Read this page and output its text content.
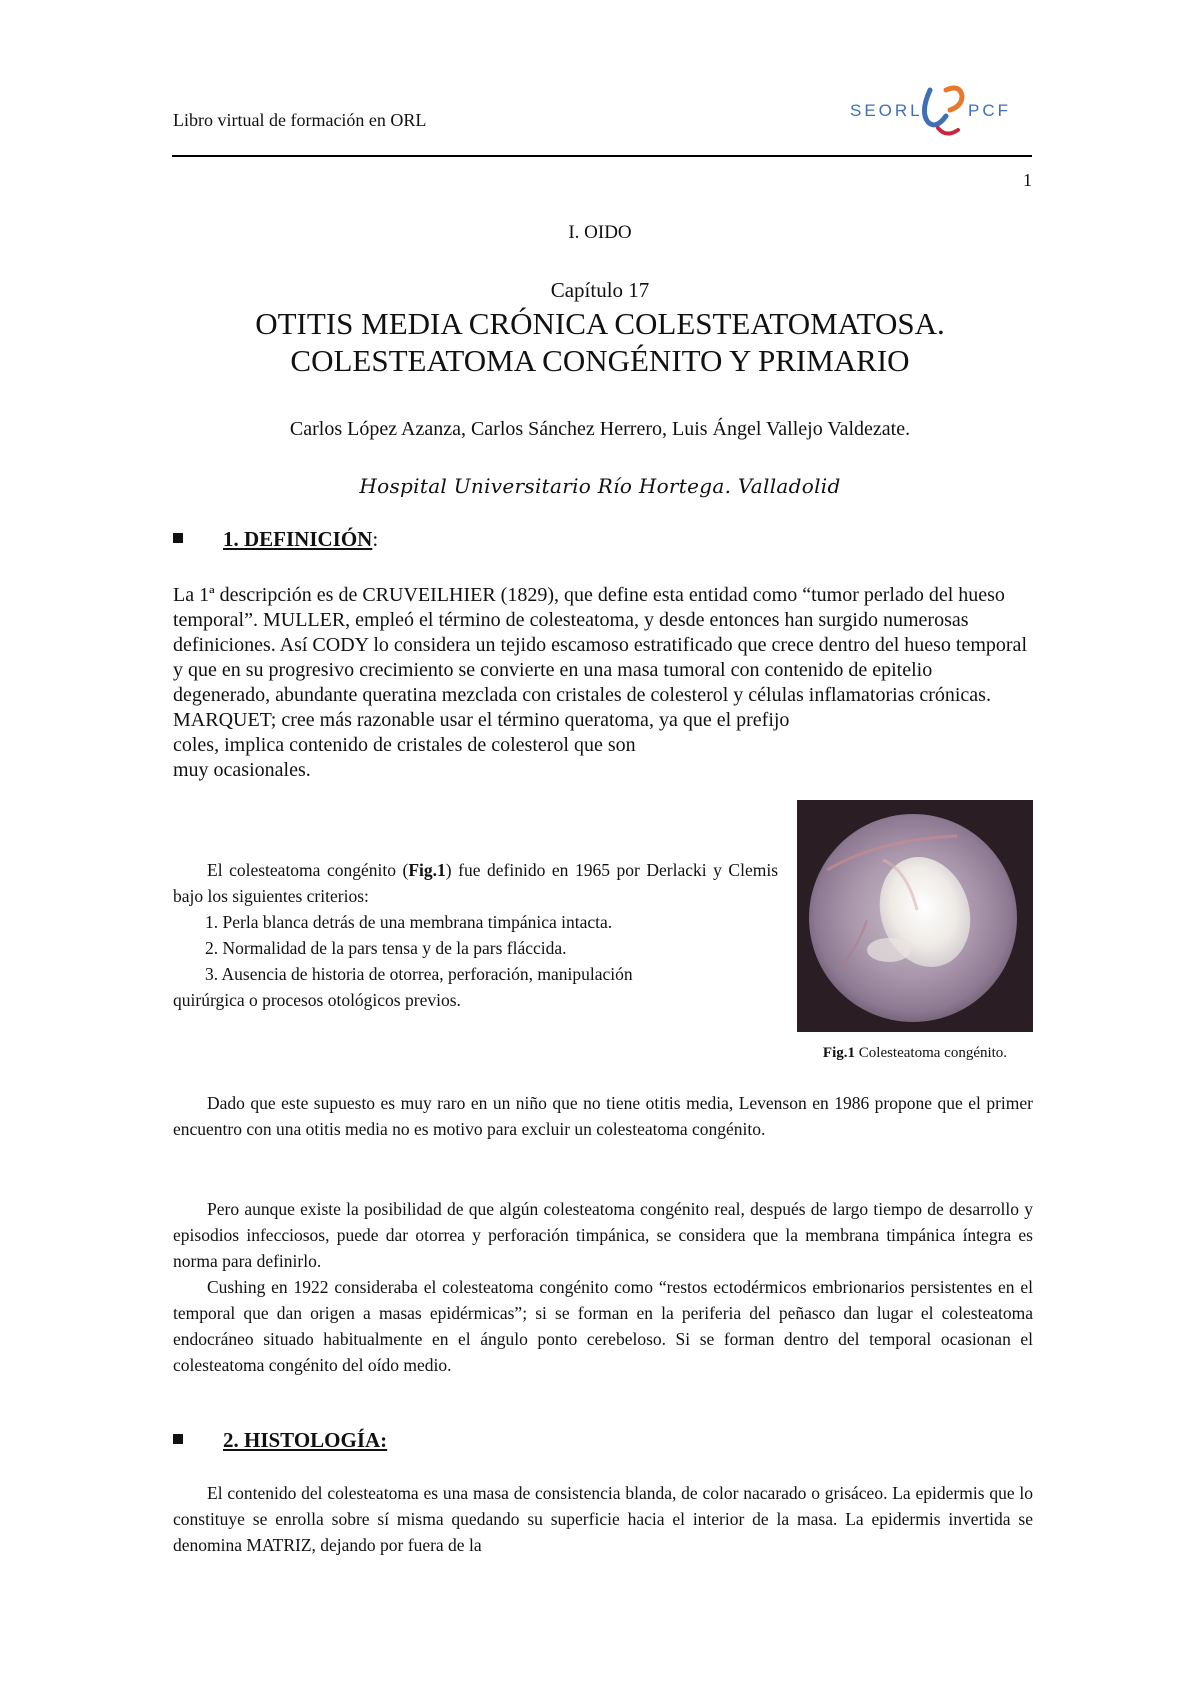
Libro virtual de formación en ORL	SEORL	PCF
1
I. OIDO
Capítulo 17
OTITIS MEDIA CRÓNICA COLESTEATOMATOSA.
COLESTEATOMA CONGÉNITO Y PRIMARIO
Carlos López Azanza, Carlos Sánchez Herrero, Luis Ángel Vallejo Valdezate.
Hospital Universitario Río Hortega. Valladolid
1. DEFINICIÓN:
La 1ª descripción es de CRUVEILHIER (1829), que define esta entidad como “tumor perlado del hueso temporal”. MULLER, empleó el término de colesteatoma, y desde entonces han surgido numerosas definiciones. Así CODY lo considera un tejido escamoso estratificado que crece dentro del hueso temporal y que en su progresivo crecimiento se convierte en una masa tumoral con contenido de epitelio degenerado, abundante queratina mezclada con cristales de colesterol y células inflamatorias crónicas. MARQUET; cree más razonable usar el término queratoma, ya que el prefijo
coles, implica contenido de cristales de colesterol que son
muy ocasionales.
El colesteatoma congénito (Fig.1) fue definido en 1965 por Derlacki y Clemis bajo los siguientes criterios:
1. Perla blanca detrás de una membrana timpánica intacta.
2. Normalidad de la pars tensa y de la pars fláccida.
3. Ausencia de historia de otorrea, perforación, manipulación
quirúrgica o procesos otológicos previos.
Fig.1 Colesteatoma congénito.
Dado que este supuesto es muy raro en un niño que no tiene otitis media, Levenson en 1986 propone que el primer encuentro con una otitis media no es motivo para excluir un colesteatoma congénito.
Pero aunque existe la posibilidad de que algún colesteatoma congénito real, después de largo tiempo de desarrollo y episodios infecciosos, puede dar otorrea y perforación timpánica, se considera que la membrana timpánica íntegra es norma para definirlo.
Cushing en 1922 consideraba el colesteatoma congénito como “restos ectodérmicos embrionarios persistentes en el temporal que dan origen a masas epidérmicas”; si se forman en la periferia del peñasco dan lugar el colesteatoma endocráneo situado habitualmente en el ángulo ponto cerebeloso. Si se forman dentro del temporal ocasionan el colesteatoma congénito del oído medio.
2. HISTOLOGÍA:
El contenido del colesteatoma es una masa de consistencia blanda, de color nacarado o grisáceo. La epidermis que lo constituye se enrolla sobre sí misma quedando su superficie hacia el interior de la masa. La epidermis invertida se denomina MATRIZ, dejando por fuera de la
